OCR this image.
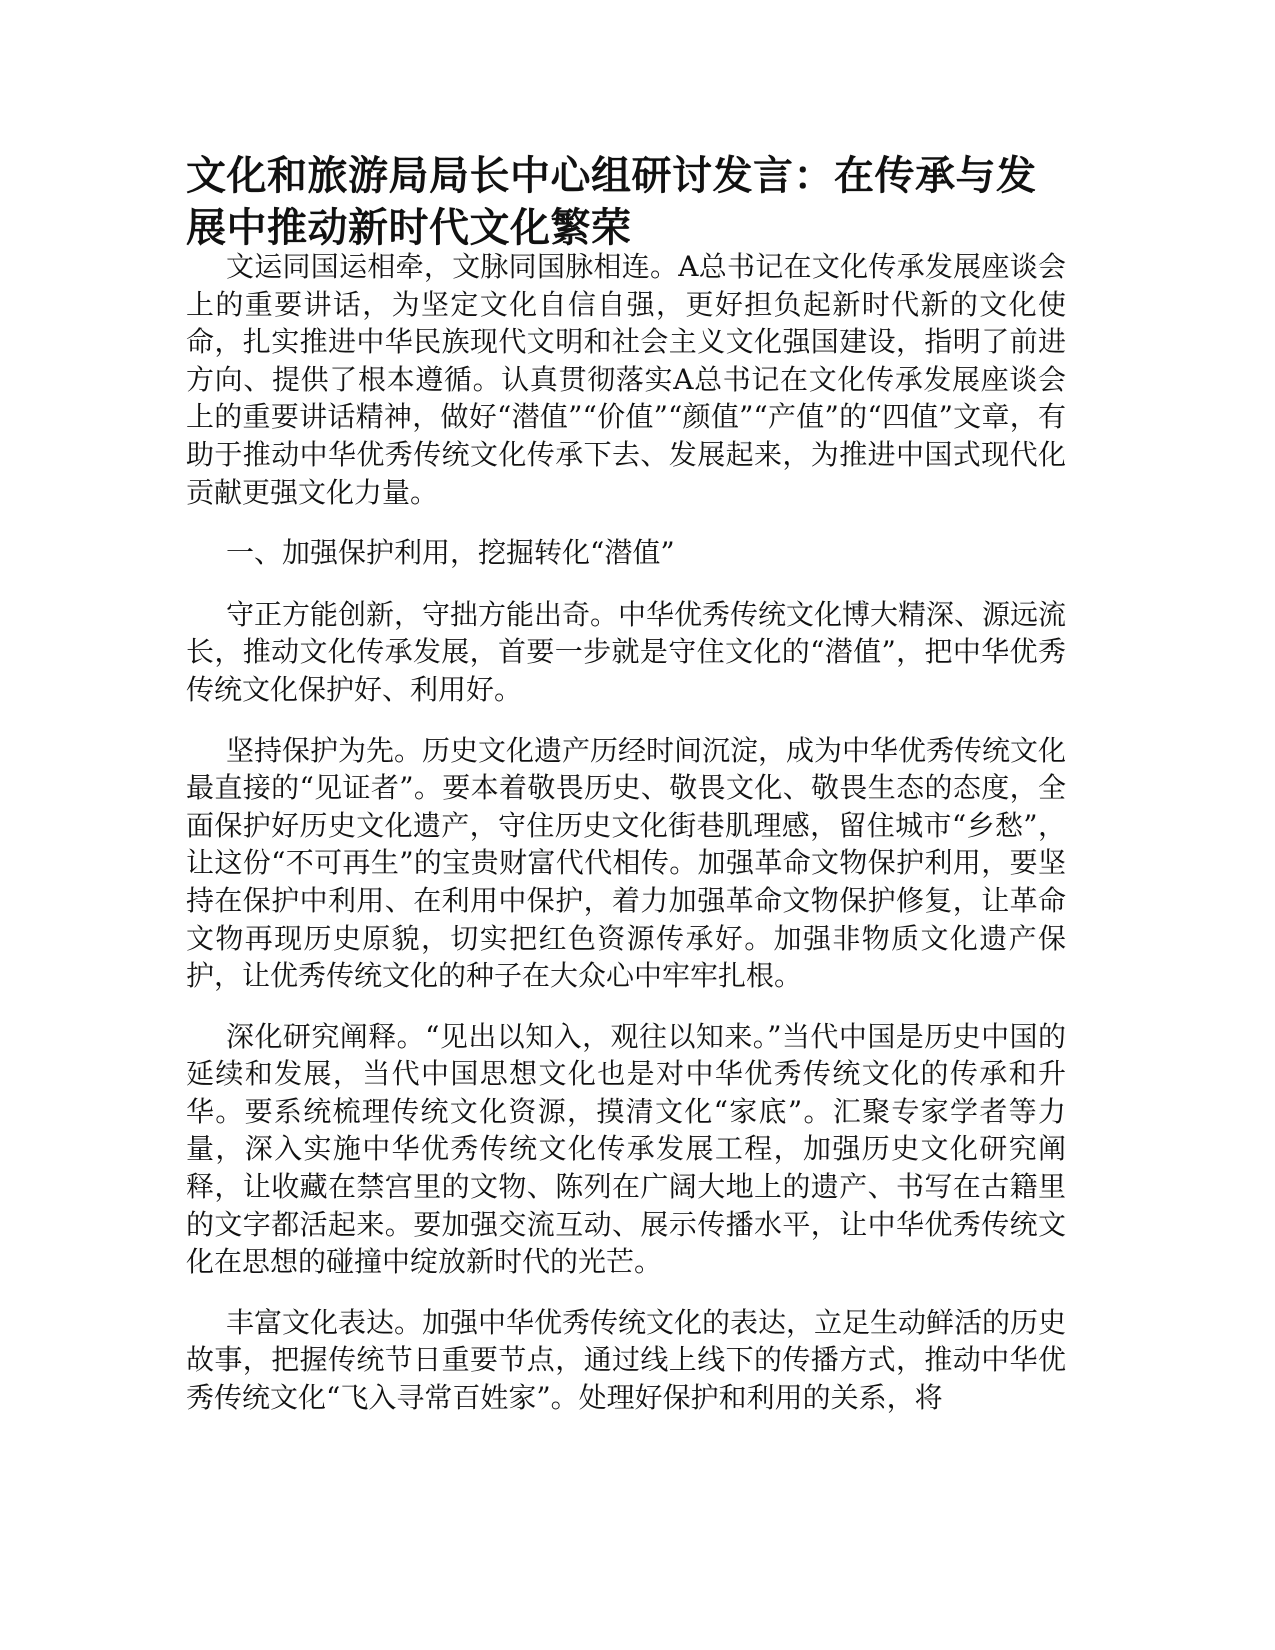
文化和旅游局局长中心组研讨发言：在传承与发展中推动新时代文化繁荣

文运同国运相牵，文脉同国脉相连。A总书记在文化传承发展座谈会上的重要讲话，为坚定文化自信自强，更好担负起新时代新的文化使命，扎实推进中华民族现代文明和社会主义文化强国建设，指明了前进方向、提供了根本遵循。认真贯彻落实A总书记在文化传承发展座谈会上的重要讲话精神，做好“潜值”“价值”“颜值”“产值”的“四值”文章，有助于推动中华优秀传统文化传承下去、发展起来，为推进中国式现代化贡献更强文化力量。

一、加强保护利用，挖掘转化“潜值”

守正方能创新，守拙方能出奇。中华优秀传统文化博大精深、源远流长，推动文化传承发展，首要一步就是守住文化的“潜值”，把中华优秀传统文化保护好、利用好。

坚持保护为先。历史文化遗产历经时间沉淀，成为中华优秀传统文化最直接的“见证者”。要本着敬畏历史、敬畏文化、敬畏生态的态度，全面保护好历史文化遗产，守住历史文化街巷肌理感，留住城市“乡愁”，让这份“不可再生”的宝贵财富代代相传。加强革命文物保护利用，要坚持在保护中利用、在利用中保护，着力加强革命文物保护修复，让革命文物再现历史原貌，切实把红色资源传承好。加强非物质文化遗产保护，让优秀传统文化的种子在大众心中牢牢扎根。

深化研究阐释。“见出以知入，观往以知来。”当代中国是历史中国的延续和发展，当代中国思想文化也是对中华优秀传统文化的传承和升华。要系统梳理传统文化资源，摸清文化“家底”。汇聚专家学者等力量，深入实施中华优秀传统文化传承发展工程，加强历史文化研究阐释，让收藏在禁宫里的文物、陈列在广阔大地上的遗产、书写在古籍里的文字都活起来。要加强交流互动、展示传播水平，让中华优秀传统文化在思想的碰撞中绽放新时代的光芒。

丰富文化表达。加强中华优秀传统文化的表达，立足生动鲜活的历史故事，把握传统节日重要节点，通过线上线下的传播方式，推动中华优秀传统文化“飞入寻常百姓家”。处理好保护和利用的关系，将
